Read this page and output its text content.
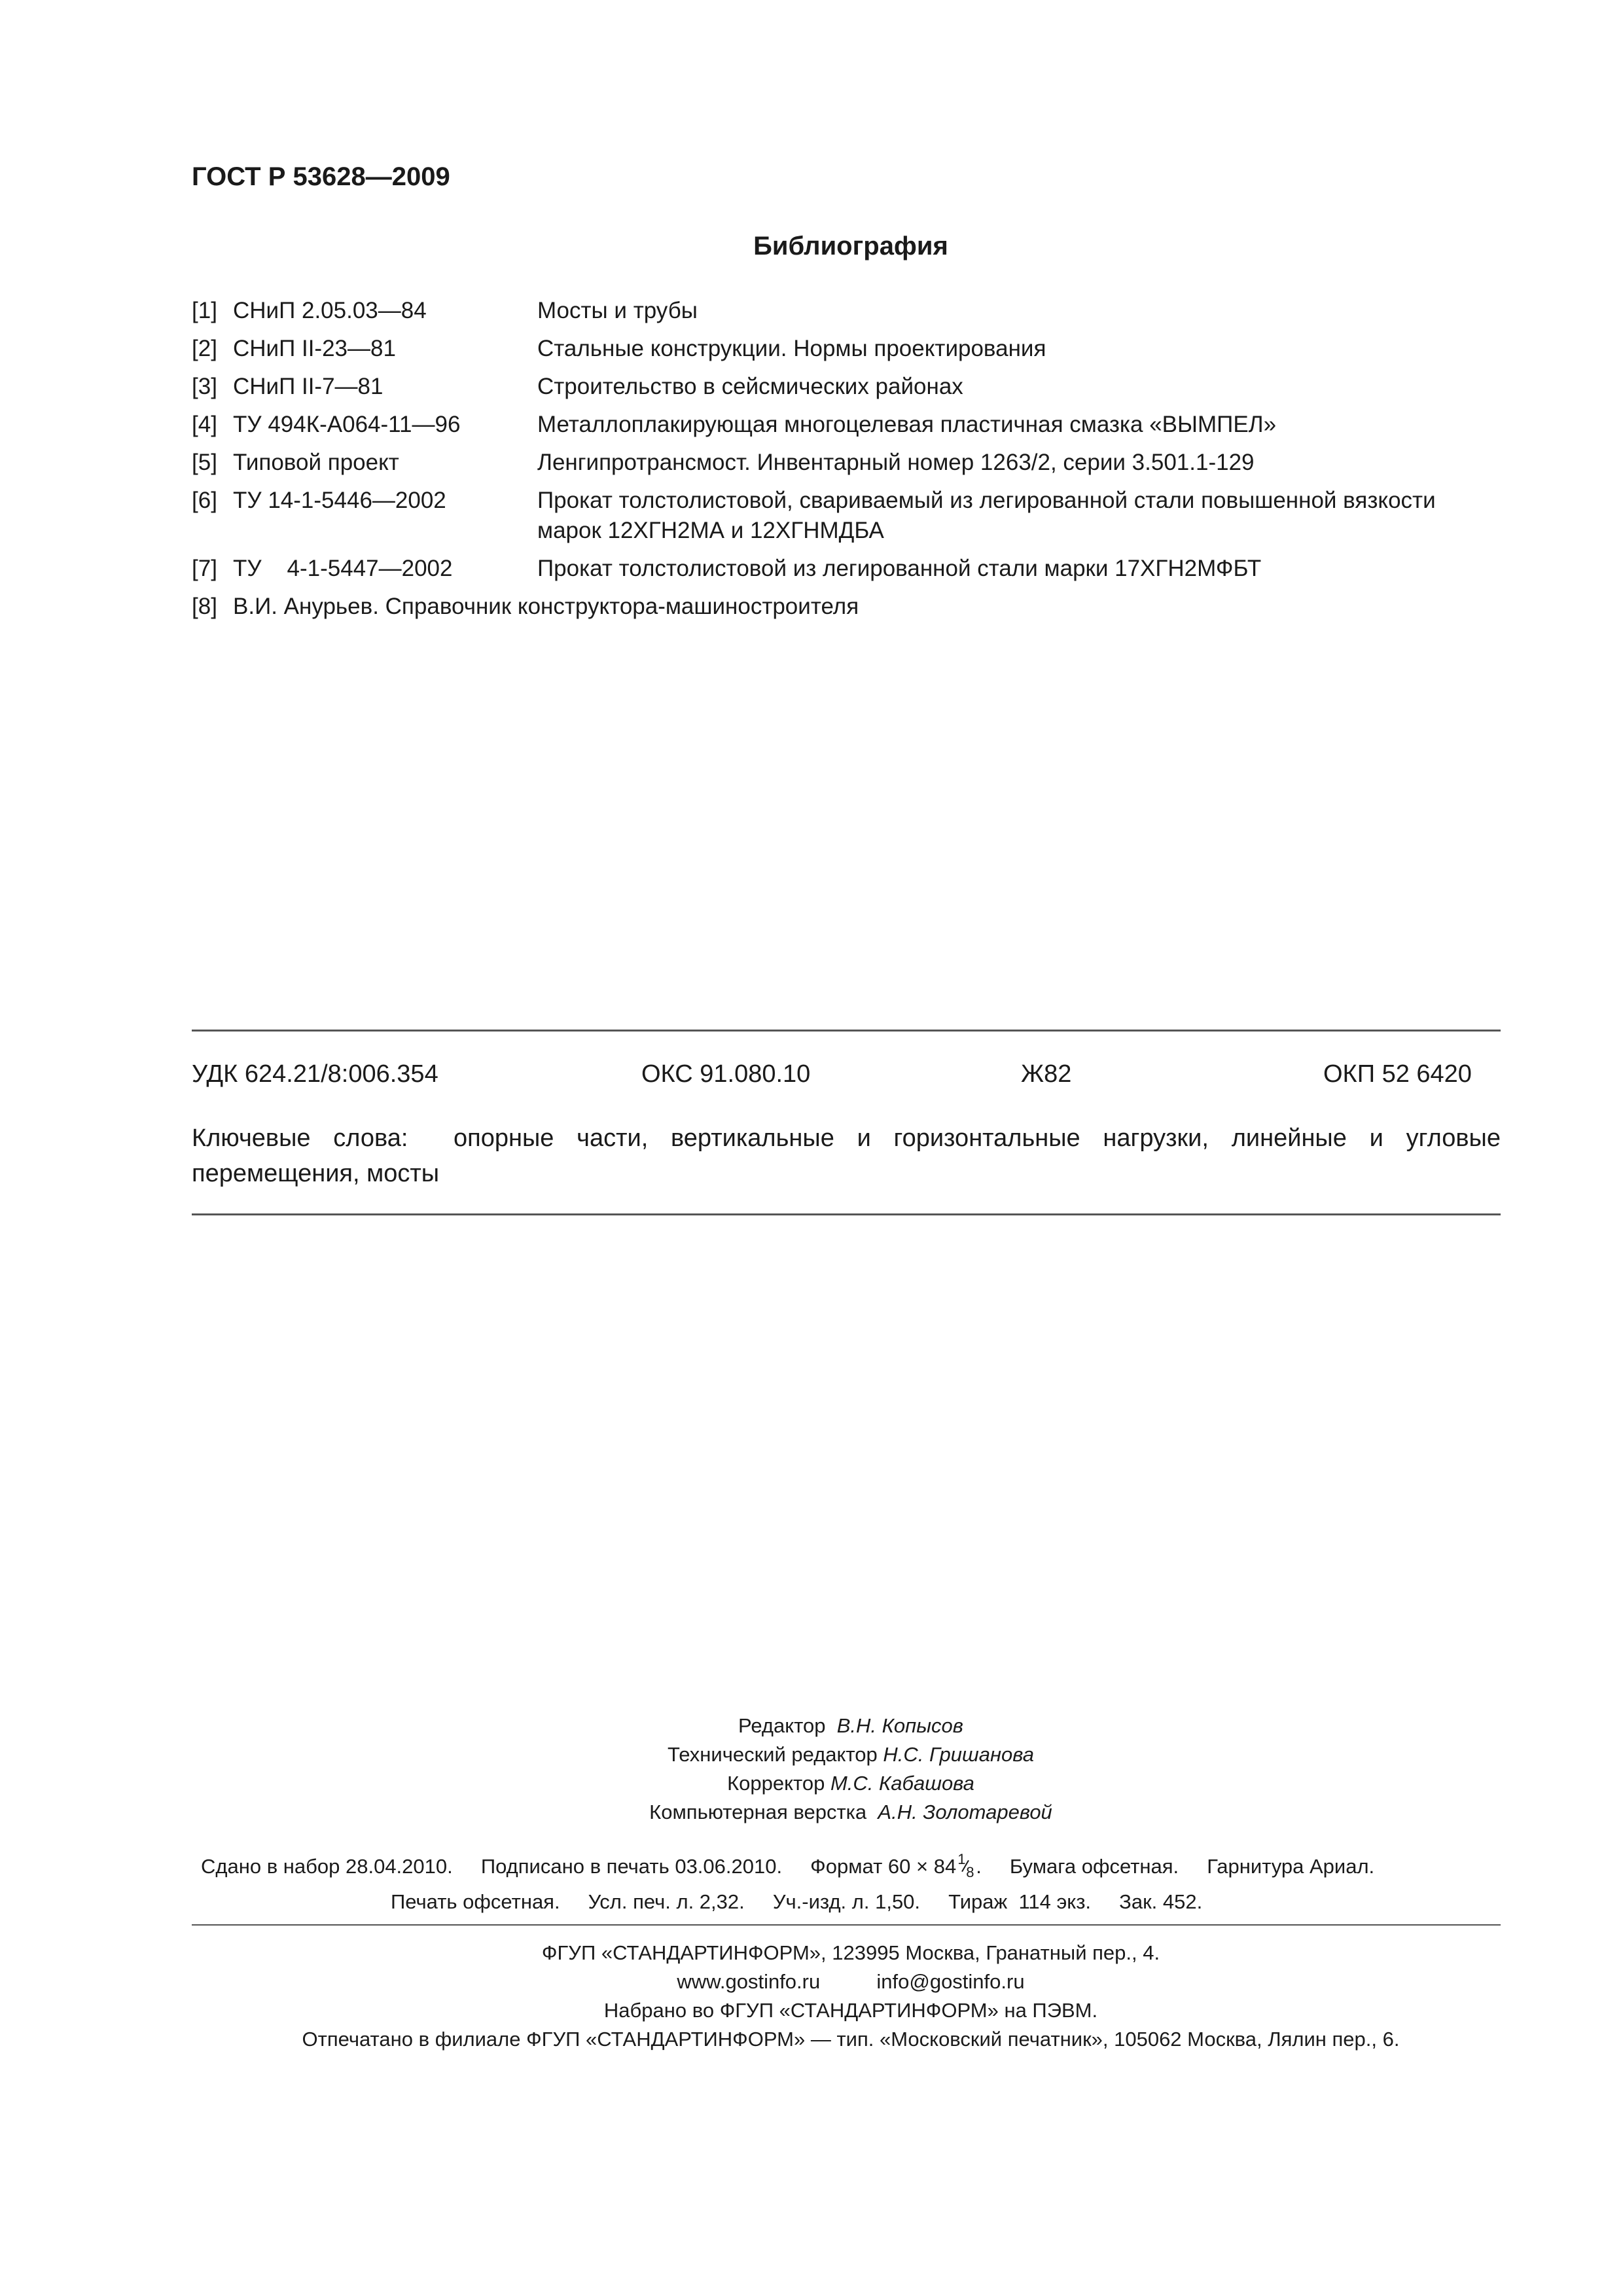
ГОСТ Р 53628—2009
Библиография
[1] СНиП 2.05.03—84	Мосты и трубы
[2] СНиП II-23—81	Стальные конструкции. Нормы проектирования
[3] СНиП II-7—81	Строительство в сейсмических районах
[4] ТУ 494К-А064-11—96	Металлоплакирующая многоцелевая пластичная смазка «ВЫМПЕЛ»
[5] Типовой проект	Ленгипротрансмост. Инвентарный номер 1263/2, серии 3.501.1-129
[6] ТУ 14-1-5446—2002	Прокат толстолистовой, свариваемый из легированной стали повышенной вязкости марок 12ХГН2МА и 12ХГНМДБА
[7] ТУ    4-1-5447—2002	Прокат толстолистовой из легированной стали марки 17ХГН2МФБТ
[8] В.И. Анурьев. Справочник конструктора-машиностроителя
УДК 624.21/8:006.354	ОКС 91.080.10	Ж82	ОКП 52 6420
Ключевые слова: опорные части, вертикальные и горизонтальные нагрузки, линейные и угловые перемещения, мосты
Редактор В.Н. Копысов
Технический редактор Н.С. Гришанова
Корректор М.С. Кабашова
Компьютерная верстка А.Н. Золотаревой
Сдано в набор 28.04.2010. Подписано в печать 03.06.2010. Формат 60 × 84 1
8 .     Бумага офсетная. Гарнитура Ариал.
Печать офсетная. Усл. печ. л. 2,32. Уч.-изд. л. 1,50. Тираж  114 экз. Зак. 452.
ФГУП «СТАНДАРТИНФОРМ», 123995 Москва, Гранатный пер., 4.
www.gostinfo.ru	info@gostinfo.ru
Набрано во ФГУП «СТАНДАРТИНФОРМ» на ПЭВМ.
Отпечатано в филиале ФГУП «СТАНДАРТИНФОРМ» — тип. «Московский печатник», 105062 Москва, Лялин пер., 6.
